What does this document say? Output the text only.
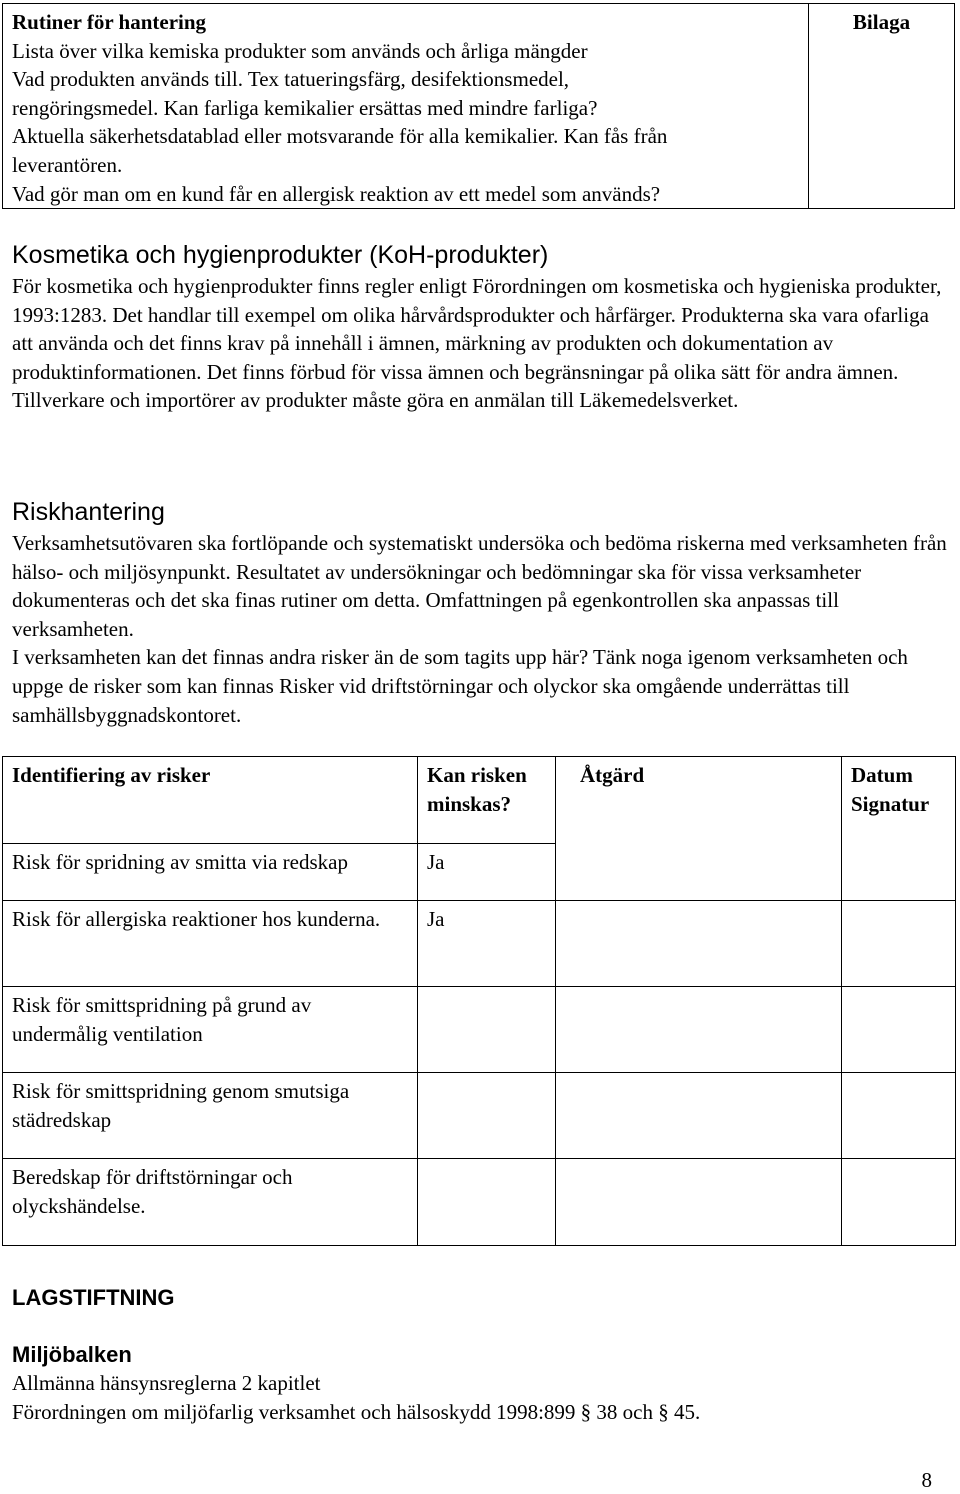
Rutiner för hantering
Lista över vilka kemiska produkter som används och årliga mängder
Vad produkten används till. Tex tatueringsfärg, desifektionsmedel,
rengöringsmedel. Kan farliga kemikalier ersättas med mindre farliga?
Aktuella säkerhetsdatablad eller motsvarande för alla kemikalier. Kan fås från
leverantören.
Vad gör man om en kund får en allergisk reaktion av ett medel som används?
	Bilaga
Kosmetika och hygienprodukter (KoH-produkter)

För kosmetika och hygienprodukter finns regler enligt Förordningen om kosmetiska och hygieniska produkter, 1993:1283. Det handlar till exempel om olika hårvårdsprodukter och hårfärger. Produkterna ska vara ofarliga att använda och det finns krav på innehåll i ämnen, märkning av produkten och dokumentation av produktinformationen. Det finns förbud för vissa ämnen och begränsningar på olika sätt för andra ämnen. Tillverkare och importörer av produkter måste göra en anmälan till Läkemedelsverket.

Riskhantering

Verksamhetsutövaren ska fortlöpande och systematiskt undersöka och bedöma riskerna med verksamheten från hälso- och miljösynpunkt. Resultatet av undersökningar och bedömningar ska för vissa verksamheter dokumenteras och det ska finas rutiner om detta. Omfattningen på egenkontrollen ska anpassas till verksamheten.

I verksamheten kan det finnas andra risker än de som tagits upp här? Tänk noga igenom verksamheten och uppge de risker som kan finnas Risker vid driftstörningar och olyckor ska omgående underrättas till samhällsbyggnadskontoret.

Identifiering av risker	Kan risken minskas?	Åtgärd	Datum
Signatur

Risk för spridning av smitta via redskap	Ja		
Risk för allergiska reaktioner hos kunderna.	Ja		
Risk för smittspridning på grund av undermålig ventilation			
Risk för smittspridning genom smutsiga städredskap			
Beredskap för driftstörningar och olyckshändelse.			
LAGSTIFTNING
Miljöbalken
Allmänna hänsynsreglerna 2 kapitlet
Förordningen om miljöfarlig verksamhet och hälsoskydd 1998:899 § 38 och § 45.
8
